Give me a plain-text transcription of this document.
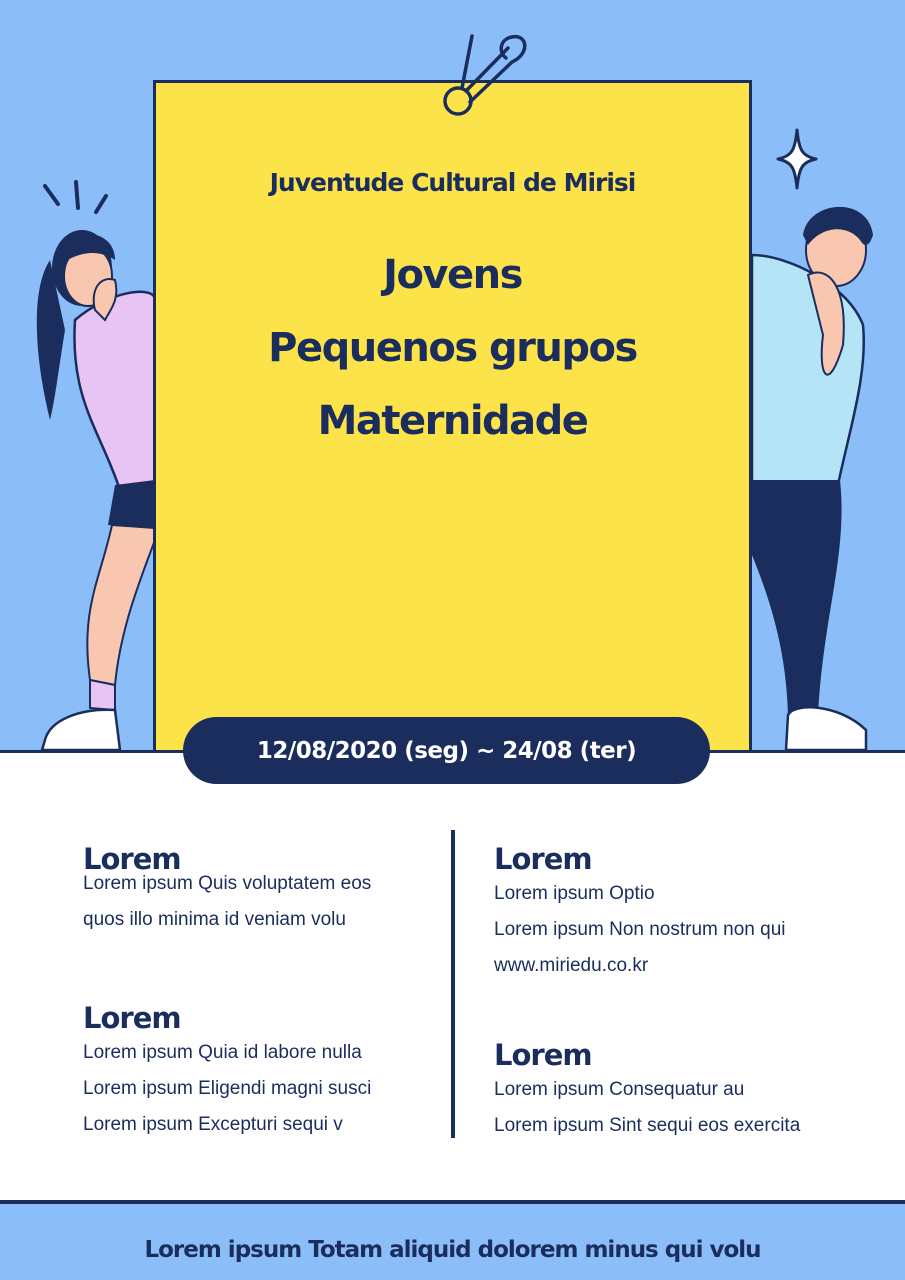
Juventude Cultural de Mirisi
Jovens
Pequenos grupos
Maternidade
12/08/2020 (seg) ~ 24/08 (ter)
Lorem
Lorem ipsum Quis voluptatem eos
quos illo minima id veniam volu
Lorem
Lorem ipsum Optio
Lorem ipsum Non nostrum non qui
www.miriedu.co.kr
Lorem
Lorem ipsum Quia id labore nulla
Lorem ipsum Eligendi magni susci
Lorem ipsum Excepturi sequi v
Lorem
Lorem ipsum Consequatur au
Lorem ipsum Sint sequi eos exercita
Lorem ipsum Totam aliquid dolorem minus qui volu
